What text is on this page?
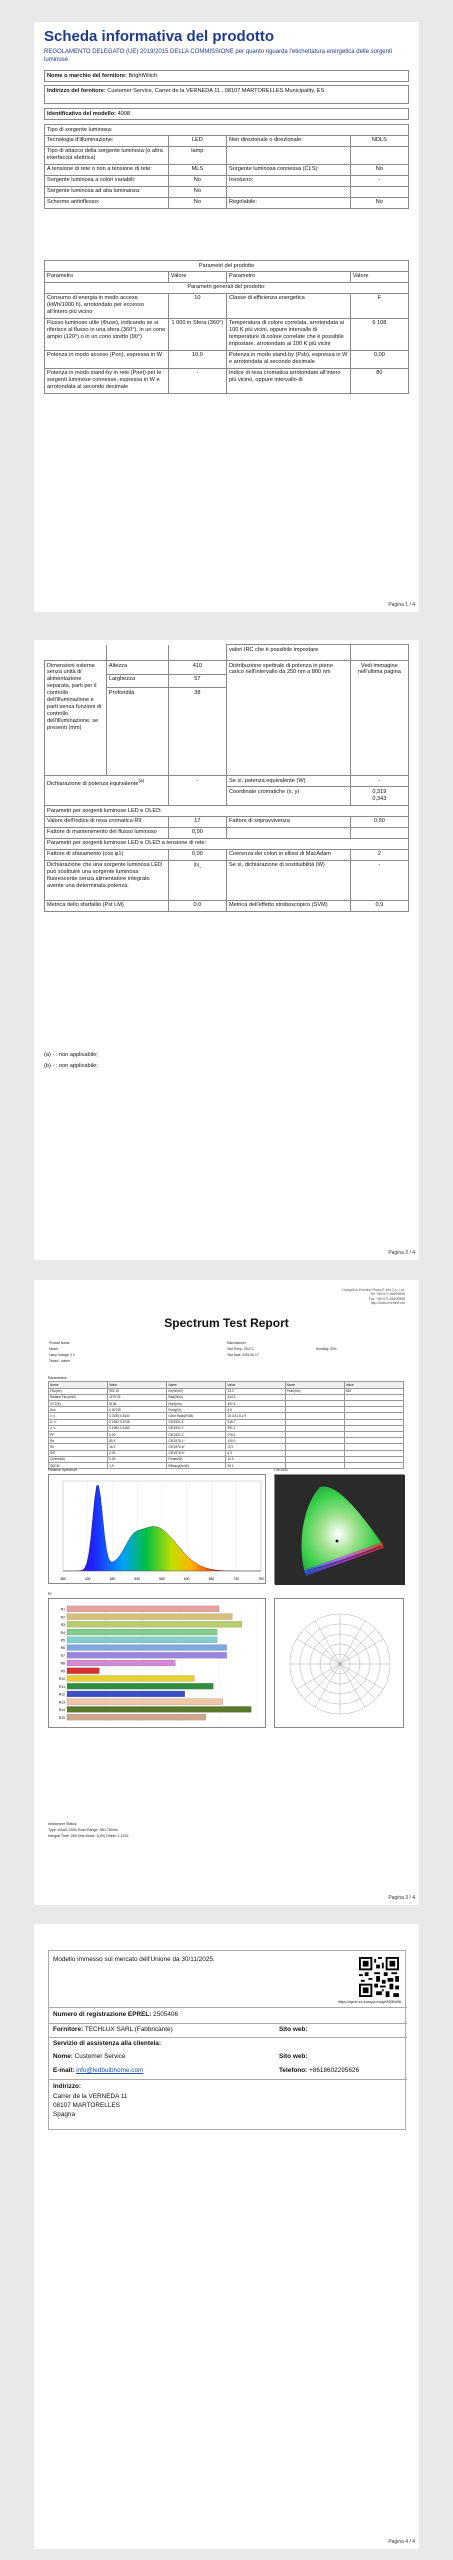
Scheda informativa del prodotto
REGOLAMENTO DELEGATO (UE) 2019/2015 DELLA COMMISSIONE per quanto riguarda l'etichettatura energetica delle sorgenti luminose
Nome o marchio del fornitore: BrightWitch
Indirizzo del fornitore: Customer Service, Carrer de la VERNEDA 11 , 08107 MARTORELLES Municipality, ES
Identificativo del modello: 4008
Tipo di sorgente luminosa:			
Tecnologia d'illuminazione:	LED	Non direzionale o direzionale:	NDLS
Tipo di attacco della sorgente luminosa (o altra interfaccia elettrica)	lamp		
A tensione di rete o non a tensione di rete:	MLS	Sorgente luminosa connessa (CLS):	No
Sorgente luminosa a colori variabili:	No	Involucro:	-
Sorgente luminosa ad alta luminanza:	No		
Schermo antiriflesso:	No	Regolabile:	No
Parametri del prodotto			
Parametro	Valore	Parametro	Valore
Parametri generali del prodotto:			
Consumo di energia in modo acceso (kWh/1000 h), arrotondato per eccesso all'intero più vicino	10	Classe di efficienza energetica	F
Flusso luminoso utile (Φuse), indicando se si riferisce al flusso in una sfera (360°), in un cono ampio (120°) o in un cono stretto (90°)	1 000 in Sfera (360°)	Temperatura di colore correlata, arrotondata ai 100 K più vicini, oppure intervallo di temperature di colore correlate che è possibile impostare, arrotondato ai 100 K più vicini	6 108
Potenza in modo acceso (Pon), espressa in W	10,0	Potenza in modo stand-by (Psb), espressa in W e arrotondata al secondo decimale	0,00
Potenza in modo stand-by in rete (Pnet) per le sorgenti luminose connesse, espressa in W e arrotondata al secondo decimale	-	Indice di resa cromatica arrotondato all'intero più vicino, oppure intervallo di	80
Pagina 1 / 4
			valori IRC che è possibile impostare	
Dimensioni esterne senza unità di alimentazione separata, parti per il controllo dell'illuminazione e parti senza funzioni di controllo dell'illuminazione, se presenti (mm)	Altezza	410	Distribuzione spettrale di potenza in pieno carico nell'intervallo da 250 nm a 800 nm	Vedi immagine nell'ultima pagina
	Larghezza	57		
	Profondità	38		
Dichiarazione di potenza equivalente$^{(a)}$		-	Se sì, potenza equivalente (W)	-
			Coordinate cromatiche (x, y)	0,319
0,343

Parametri per sorgenti luminose LED e OLED:				
Valore dell'indice di resa cromatica R9		17	Fattore di sopravvivenza	0,90
Fattore di mantenimento del flusso luminoso		0,90		
Parametri per sorgenti luminose LED e OLED a tensione di rete:				
Fattore di sfasamento (cos φ1)		0,00	Coerenza dei colori in ellissi di MacAdam	2
Dichiarazione che una sorgente luminosa LED può sostituire una sorgente luminosa fluorescente senza alimentatore integrato avente una determinata potenza.		$^{(b)}$-	Se sì, dichiarazione di sostituibilità (W)	-
Metrica dello sfarfallio (Pst LM)		0,0	Metrica dell'effetto stroboscopico (SVM)	0,9
(a) - : non applicabile;
(b) - : non applicabile;
Pagina 2 / 4
Hangzhou Everfine Photo-E-Info Co., Ltd.
Tel: +86-571-86699838
Fax: +86-571-86690868
http://www.everfine.net
Spectrum Test Report
Product Name:		Manufacturer:	
Model:		Test Temp.: 25.0°C	Humidity: 50%
Lamp Voltage: 0 V		Test Date: 2025-06-17	
Tested : admin			
Parameters
Name	Value	Name	Value	Name	Value
Flux(lm)	991.10	Ee(W/m2)	23.3	Peak(nm)	450
Radiant Flux(mW)	1179.33	Rad(W/sr)	444.3		
CCT(K)	6108	Dom(nm)	497.6		
Duv	0.00745	Purity(%)	5.5		
x, y	0.3190,0.3430	Color Ratio(RGB)	16.3,81.6,2.9		
u', v'	0.1962,0.4745	CIE1931 X	916.7		
u, v	0.1962,0.3163	CIE1931 Y	991.1		
PF	0.00	CIE1931 Z	978.2		
Ra	80.4	CIE1976 L*	100.0		
R9	16.9	CIE1976 a*	-5.9		
S/P	2.09	CIE1976 b*	6.3		
Current(A)	0.00	Power(W)	10.0		
SDCM	1.9	Efficacy(lm/W)	99.1		
Relative Spectrum
380	430	480	530	580	630	680	730	780
CIE1931
Ri
R1
R2
R3
R4
R5
R6
R7
R8
R9
R10
R11
R12
R13
R14
R15
Instrument Status:
Type: HAAS-2000 Scan Range: 380-780nm
Integral Time: 260.0ms Mode: 2(IIV) Dfield: 1.1232
Pagina 3 / 4
Modello immesso sul mercato dell'Unione da 30/11/2025.
https://eprel.ec.europa.eu/qr/2505406
Numero di registrazione EPREL: 2505406
Fornitore: TECHLUX SARL (Fabbricante)	Sito web:
Servizio di assistenza alla clientela:
Nome: Customer Service	Sito web:
E-mail: info@ledbulbhome.com	Telefono: +8618602295626
Indirizzo:
Carrer de la VERNEDA 11
08107 MARTORELLES
Spagna
Pagina 4 / 4
